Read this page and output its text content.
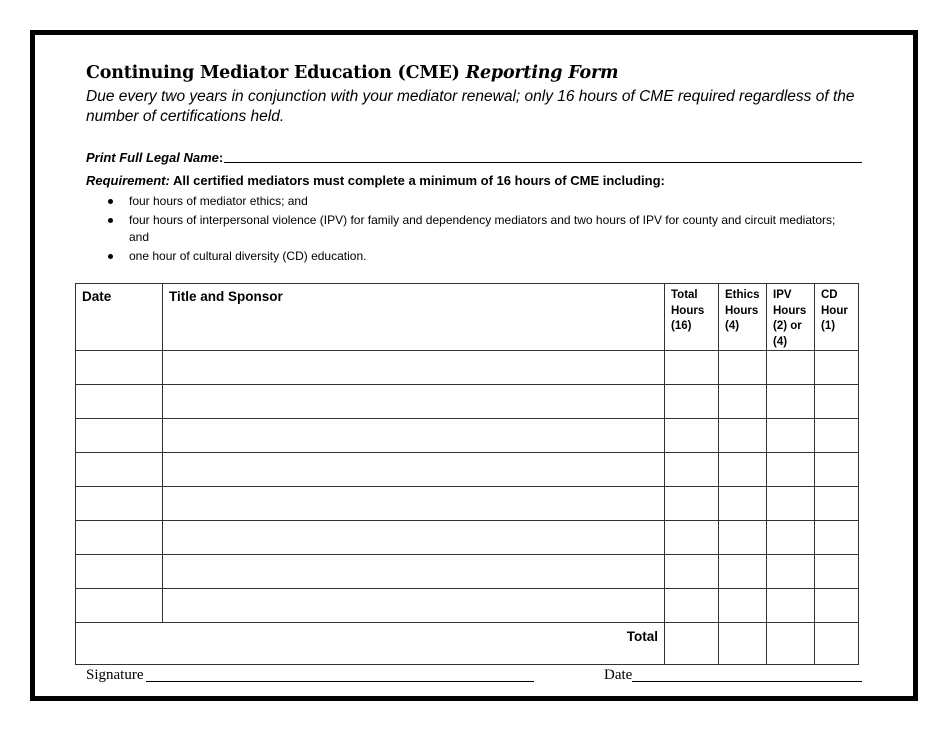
Continuing Mediator Education (CME) Reporting Form
Due every two years in conjunction with your mediator renewal; only 16 hours of CME required regardless of the number of certifications held.
Print Full Legal Name:
Requirement: All certified mediators must complete a minimum of 16 hours of CME including:
four hours of mediator ethics; and
four hours of interpersonal violence (IPV) for family and dependency mediators and two hours of IPV for county and circuit mediators; and
one hour of cultural diversity (CD) education.
Date	Title and Sponsor	Total
Hours
(16)	Ethics
Hours
(4)	IPV
Hours
(2) or
(4)	CD
Hour
(1)

Total					
Signature	Date
